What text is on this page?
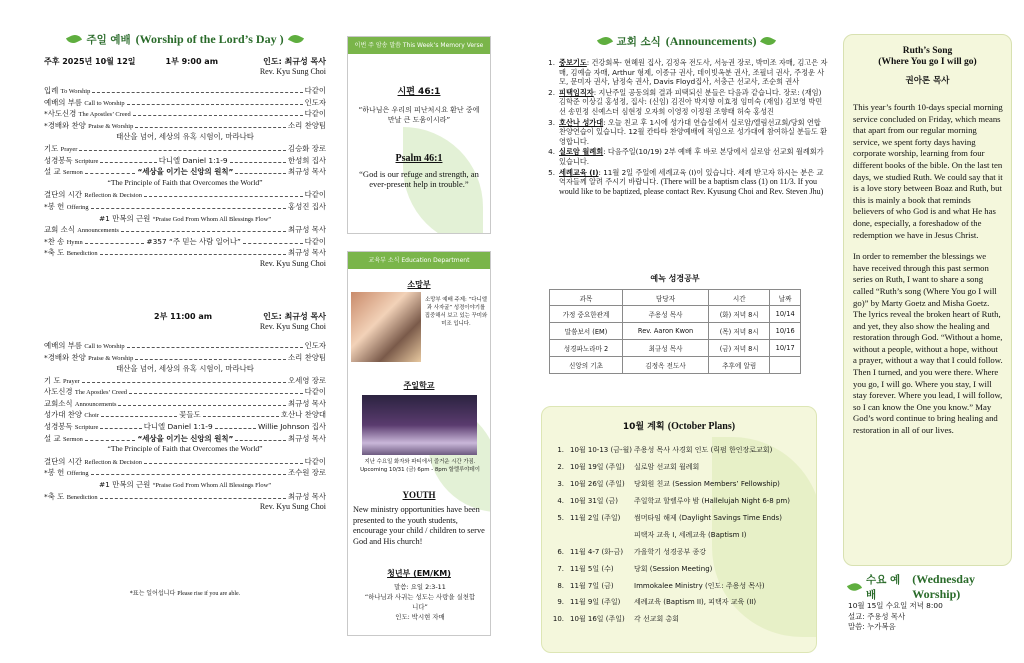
주일 예배 (Worship of the Lord’s Day )
주후 2025년 10월 12일	1부 9:00 am	인도: 최규성 목사
Rev. Kyu Sung Choi
입례 To Worship	다같이
예배의 부름 Call to Worship	인도자
*사도신경 The Apostles’ Creed	다같이
*경배와 찬양 Praise & Worship	소리 찬양팀
태산을 넘어, 세상의 유혹 시험이, 마라나타
기도 Prayer	김승화 장로
성경봉독 Scripture	다니엘 Daniel 1:1-9	한성희 집사
설 교 Sermon	“세상을 이기는 신앙의 원칙”	최규성 목사
“The Principle of Faith that Overcomes the World”
결단의 시간 Reflection & Decision	다같이
*봉 헌 Offering	홍성진 집사
#1 만복의 근원 “Praise God From Whom All Blessings Flow”
교회 소식 Announcements	최규성 목사
*찬 송 Hymn	#357 “주 믿는 사람 일어나”	다같이
*축 도 Benediction	최규성 목사
Rev. Kyu Sung Choi
2부 11:00 am	인도: 최규성 목사
Rev. Kyu Sung Choi
예배의 부름 Call to Worship	인도자
*경배와 찬양 Praise & Worship	소리 찬양팀
태산을 넘어, 세상의 유혹 시험이, 마라나타
기 도 Prayer	오세영 장로
사도신경 The Apostles’ Creed	다같이
교회소식 Announcements	최규성 목사
성가대 찬양 Choir	꽃들도	호산나 찬양대
성경봉독 Scripture	다니엘 Daniel 1:1-9	Willie Johnson 집사
설 교 Sermon	“세상을 이기는 신앙의 원칙”	최규성 목사
“The Principle of Faith that Overcomes the World”
결단의 시간 Reflection & Decision	다같이
*봉 헌 Offering	조수원 장로
#1 만복의 근원 “Praise God From Whom All Blessings Flow”
*축 도 Benediction	최규성 목사
Rev. Kyu Sung Choi
*표는 일어섭니다 Please rise if you are able.
이번 주 암송 말씀 This Week’s Memory Verse
시편 46:1
“하나님은 우리의 피난처시요 환난 중에 만날 큰 도움이시라”
Psalm 46:1
“God is our refuge and strength, an ever-present help in trouble.”
교육부 소식 Education Department
소망부
소망부 예배 주제: “다니엘과 사자굴” 성경이야기를 집중해서 보고 있는 꾸미와 미조 입니다.
주일학교
지난 수요일 화자와 파티에서 즐거운 시간 가짐. Upcoming 10/31 (금) 6pm - 8pm 할렐루야데이
YOUTH
New ministry opportunities have been presented to the youth students, encourage your child / children to serve God and His church!
청년부 (EM/KM)
말씀: 요일 2:3-11
“하나님과 사귀는 성도는 사랑을 실천합니다”
인도: 박시현 자매
교회 소식 (Announcements)
1. 중보기도: 건강회복- 현혜원 집사, 김정옥 전도사, 서능권 장로, 박미조 자매, 김고은 자매, 김예슬 자매, Arthur 형제, 이종규 권사, 데이빗옥분 권사, 조필녀 권사, 주정운 사모, 문미자 권사, 남정숙 권사, Davis Floyd집사, 서충근 선교사, 조순희 권사
2. 피택임직자: 지난주일 공동의회 결과 피택되신 분들은 다음과 같습니다. 장로: (재임) 김학준 이상길 홍성정, 집사: (신임) 김진아 박지향 이효정 임미숙 (재임) 김보영 박민선 송민정 신예스더 심현정 오자희 이영정 이정원 조향태 허숙 홍성진
3. 호산나 성가대: 오늘 친교 후 1시에 성가대 연습실에서 실로암/엘림선교회/당회 연합 찬양연습이 있습니다. 12월 칸타타 찬양예배에 적임으로 성가대에 참여하실 분들도 환영합니다.
4. 실로암 월례회: 다음주일(10/19) 2부 예배 후 바로 본당에서 실로암 선교회 월례회가 있습니다.
5. 세례교육 (I): 11월 2일 주일에 세례교육 (I)이 있습니다. 세례 받고자 하시는 분은 교역자들께 알려 주시기 바랍니다. (There will be a baptism class (1) on 11/3. If you would like to be baptized, please contact Rev. Kyusung Choi and Rev. Steven Jhu)
예녹 성경공부
과목	담당자	시간	날짜
가정 중요한관계	주용성 목사	(화) 저녁 8시	10/14
말씀보서 (EM)	Rev. Aaron Kwon	(목) 저녁 8시	10/16
성경파노라마 2	최규성 목사	(금) 저녁 8시	10/17
신앙의 기초	김정옥 전도사	추후에 알림	
10월 계획 (October Plans)
1. 10월 10-13 (금-월) 주용성 목사 사경회 인도 (릭펌 한인장로교회)
2. 10월 19일 (주일)	실로암 선교회 월례회
3. 10월 26일 (주일)	당회원 친교 (Session Members’ Fellowship)
4. 10월 31일 (금)	주일학교 할렐루야 밤 (Hallelujah Night 6-8 pm)
5. 11월 2일 (주일)	썸머타임 해제 (Daylight Savings Time Ends)
피택자 교육 I, 세례교육 (Baptism I)
6. 11월 4-7 (화-금)	가을학기 성경공부 종강
7. 11월 5일 (수)	당회 (Session Meeting)
8. 11월 7일 (금)	Immokalee Ministry (인도: 주용성 목사)
9. 11월 9일 (주일)	세례교육 (Baptism II), 피택자 교육 (II)
10. 10월 16일 (주일)	각 선교회 총회
Ruth’s Song
(Where You go I will go)
권아론 목사

This year’s fourth 10-days special morning service concluded on Friday, which means that apart from our regular morning service, we spent forty days having corporate worship, learning from four different books of the bible. On the last ten days, we studied Ruth. We could say that it is a love story between Boaz and Ruth, but this is mainly a book that reminds believers of who God is and what He has done, especially, a foreshadow of the redemption we have in Jesus Christ.

In order to remember the blessings we have received through this past sermon series on Ruth, I want to share a song called “Ruth’s song (Where You go I will go)” by Marty Goetz and Misha Goetz. The lyrics reveal the broken heart of Ruth, and yet, they also show the healing and restoration through God. “Without a home, without a people, without a hope, without a prayer, without a way that I could follow. Then I turned, and you were there. Where you go, I will go. Where you stay, I will stay forever. Where you lead, I will follow, so I can know the One you know.” May God’s word continue to bring healing and restoration in all of our lives.

수요 예배
(Wednesday Worship)
10월 15일 수요일 저녁 8:00
설교: 주용성 목사
말씀: 누가복음
